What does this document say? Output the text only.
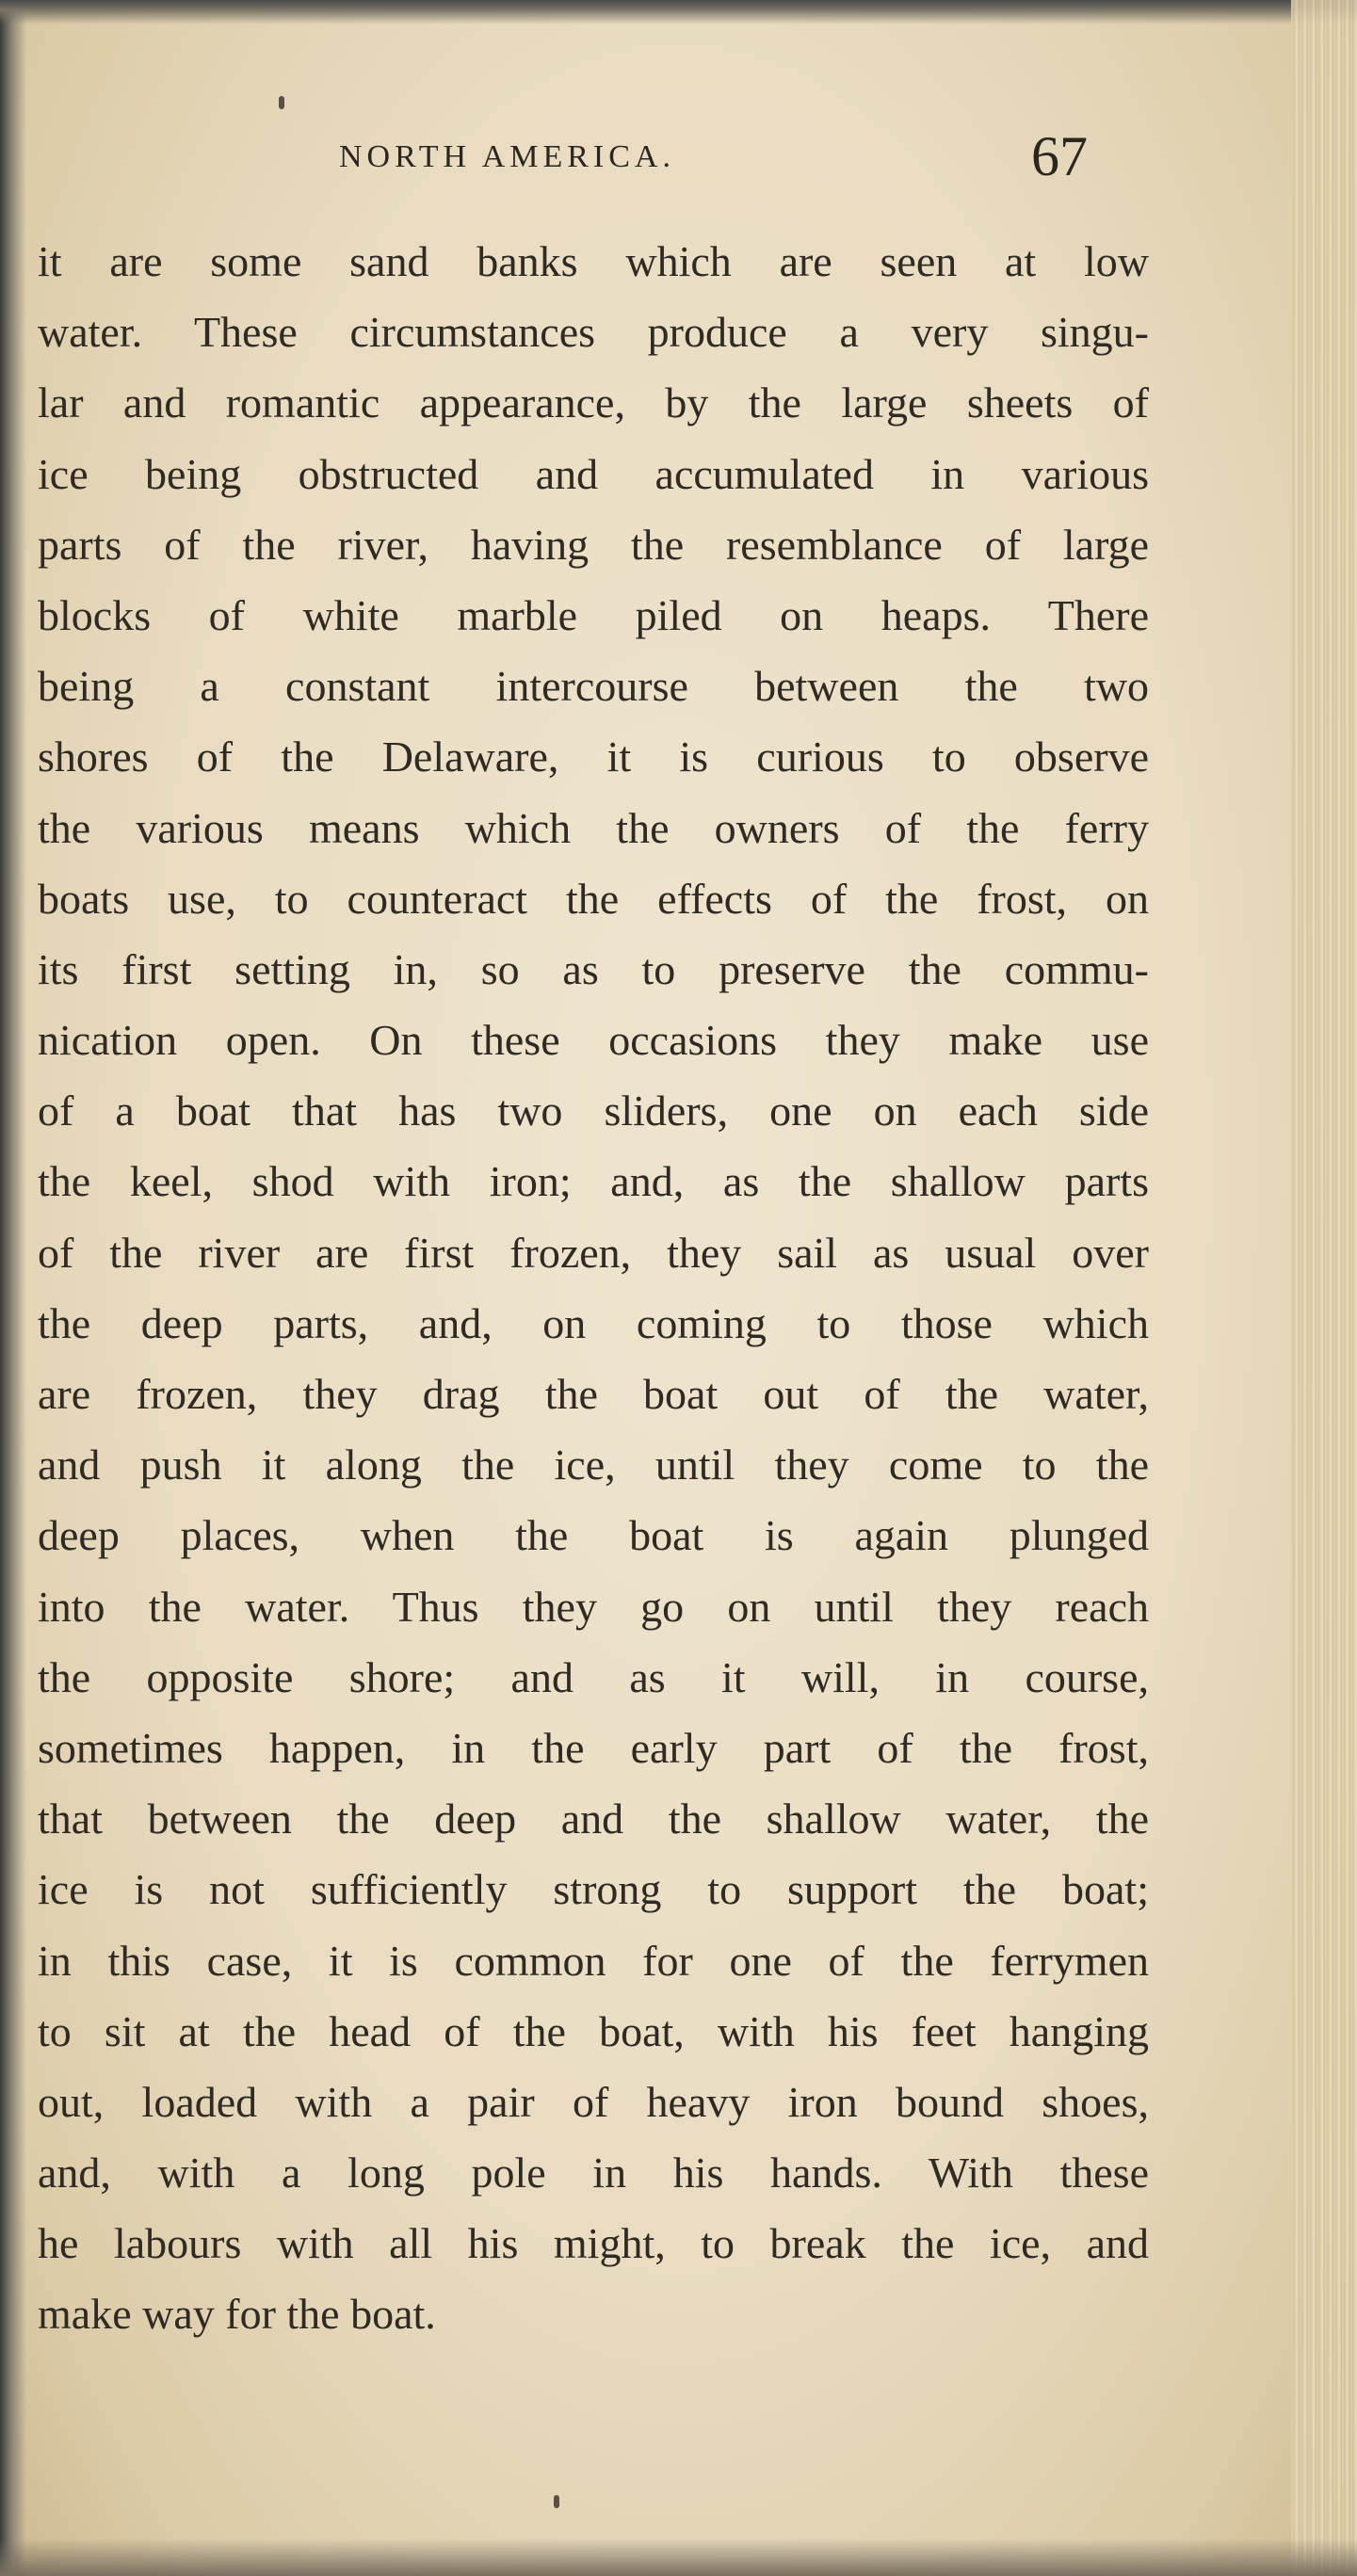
NORTH AMERICA.	67
it are some sand banks which are seen at low
water. These circumstances produce a very singu-
lar and romantic appearance, by the large sheets of
ice being obstructed and accumulated in various
parts of the river, having the resemblance of large
blocks of white marble piled on heaps. There
being a constant intercourse between the two
shores of the Delaware, it is curious to observe
the various means which the owners of the ferry
boats use, to counteract the effects of the frost, on
its first setting in, so as to preserve the commu-
nication open. On these occasions they make use
of a boat that has two sliders, one on each side
the keel, shod with iron; and, as the shallow parts
of the river are first frozen, they sail as usual over
the deep parts, and, on coming to those which
are frozen, they drag the boat out of the water,
and push it along the ice, until they come to the
deep places, when the boat is again plunged
into the water. Thus they go on until they reach
the opposite shore; and as it will, in course,
sometimes happen, in the early part of the frost,
that between the deep and the shallow water, the
ice is not sufficiently strong to support the boat;
in this case, it is common for one of the ferrymen
to sit at the head of the boat, with his feet hanging
out, loaded with a pair of heavy iron bound shoes,
and, with a long pole in his hands. With these
he labours with all his might, to break the ice, and
make way for the boat.
